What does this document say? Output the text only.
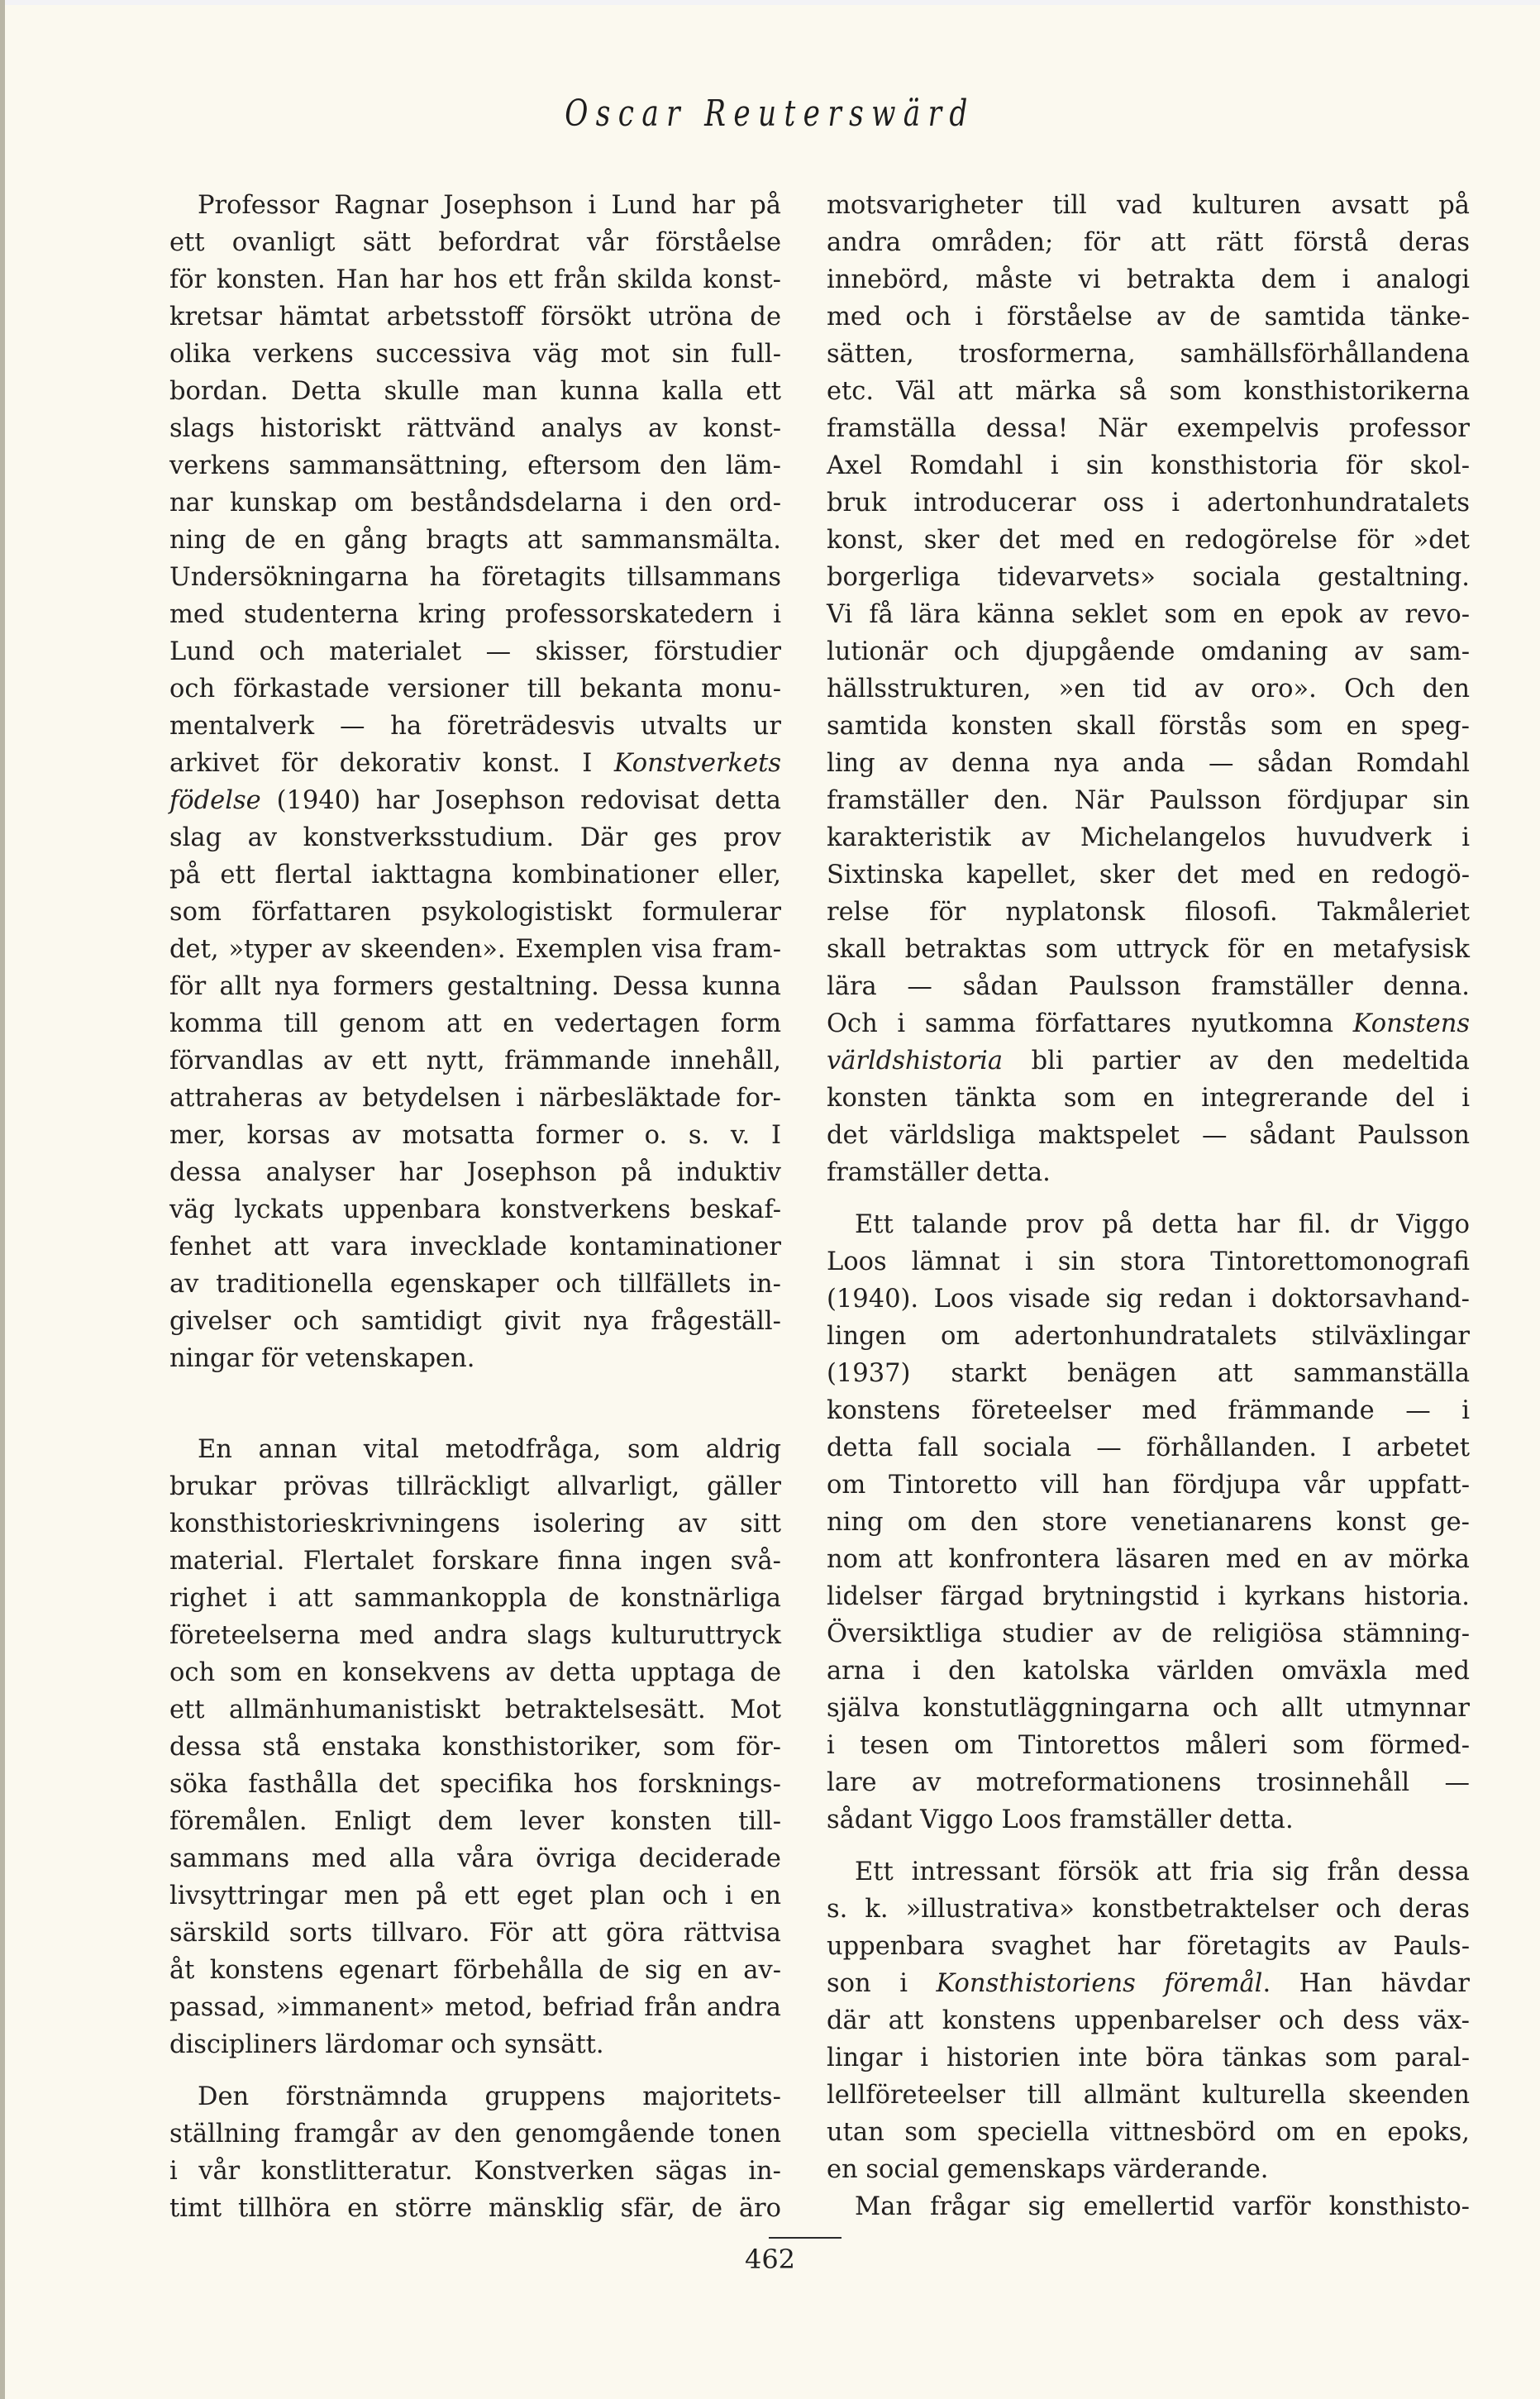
Oscar Reuterswärd
Professor Ragnar Josephson i Lund har på
ett ovanligt sätt befordrat vår förståelse
för konsten. Han har hos ett från skilda konst-
kretsar hämtat arbetsstoff försökt utröna de
olika verkens successiva väg mot sin full-
bordan. Detta skulle man kunna kalla ett
slags historiskt rättvänd analys av konst-
verkens sammansättning, eftersom den läm-
nar kunskap om beståndsdelarna i den ord-
ning de en gång bragts att sammansmälta.
Undersökningarna ha företagits tillsammans
med studenterna kring professorskatedern i
Lund och materialet — skisser, förstudier
och förkastade versioner till bekanta monu-
mentalverk — ha företrädesvis utvalts ur
arkivet för dekorativ konst. I Konstverkets
födelse (1940) har Josephson redovisat detta
slag av konstverksstudium. Där ges prov
på ett flertal iakttagna kombinationer eller,
som författaren psykologistiskt formulerar
det, »typer av skeenden». Exemplen visa fram-
för allt nya formers gestaltning. Dessa kunna
komma till genom att en vedertagen form
förvandlas av ett nytt, främmande innehåll,
attraheras av betydelsen i närbesläktade for-
mer, korsas av motsatta former o. s. v. I
dessa analyser har Josephson på induktiv
väg lyckats uppenbara konstverkens beskaf-
fenhet att vara invecklade kontaminationer
av traditionella egenskaper och tillfällets in-
givelser och samtidigt givit nya frågeställ-
ningar för vetenskapen.
En annan vital metodfråga, som aldrig
brukar prövas tillräckligt allvarligt, gäller
konsthistorieskrivningens isolering av sitt
material. Flertalet forskare finna ingen svå-
righet i att sammankoppla de konstnärliga
företeelserna med andra slags kulturuttryck
och som en konsekvens av detta upptaga de
ett allmänhumanistiskt betraktelsesätt. Mot
dessa stå enstaka konsthistoriker, som för-
söka fasthålla det specifika hos forsknings-
föremålen. Enligt dem lever konsten till-
sammans med alla våra övriga deciderade
livsyttringar men på ett eget plan och i en
särskild sorts tillvaro. För att göra rättvisa
åt konstens egenart förbehålla de sig en av-
passad, »immanent» metod, befriad från andra
discipliners lärdomar och synsätt.
Den förstnämnda gruppens majoritets-
ställning framgår av den genomgående tonen
i vår konstlitteratur. Konstverken sägas in-
timt tillhöra en större mänsklig sfär, de äro
motsvarigheter till vad kulturen avsatt på
andra områden; för att rätt förstå deras
innebörd, måste vi betrakta dem i analogi
med och i förståelse av de samtida tänke-
sätten, trosformerna, samhällsförhållandena
etc. Väl att märka så som konsthistorikerna
framställa dessa! När exempelvis professor
Axel Romdahl i sin konsthistoria för skol-
bruk introducerar oss i adertonhundratalets
konst, sker det med en redogörelse för »det
borgerliga tidevarvets» sociala gestaltning.
Vi få lära känna seklet som en epok av revo-
lutionär och djupgående omdaning av sam-
hällsstrukturen, »en tid av oro». Och den
samtida konsten skall förstås som en speg-
ling av denna nya anda — sådan Romdahl
framställer den. När Paulsson fördjupar sin
karakteristik av Michelangelos huvudverk i
Sixtinska kapellet, sker det med en redogö-
relse för nyplatonsk filosofi. Takmåleriet
skall betraktas som uttryck för en metafysisk
lära — sådan Paulsson framställer denna.
Och i samma författares nyutkomna Konstens
världshistoria bli partier av den medeltida
konsten tänkta som en integrerande del i
det världsliga maktspelet — sådant Paulsson
framställer detta.
Ett talande prov på detta har fil. dr Viggo
Loos lämnat i sin stora Tintorettomonografi
(1940). Loos visade sig redan i doktorsavhand-
lingen om adertonhundratalets stilväxlingar
(1937) starkt benägen att sammanställa
konstens företeelser med främmande — i
detta fall sociala — förhållanden. I arbetet
om Tintoretto vill han fördjupa vår uppfatt-
ning om den store venetianarens konst ge-
nom att konfrontera läsaren med en av mörka
lidelser färgad brytningstid i kyrkans historia.
Översiktliga studier av de religiösa stämning-
arna i den katolska världen omväxla med
själva konstutläggningarna och allt utmynnar
i tesen om Tintorettos måleri som förmed-
lare av motreformationens trosinnehåll —
sådant Viggo Loos framställer detta.
Ett intressant försök att fria sig från dessa
s. k. »illustrativa» konstbetraktelser och deras
uppenbara svaghet har företagits av Pauls-
son i Konsthistoriens föremål. Han hävdar
där att konstens uppenbarelser och dess väx-
lingar i historien inte böra tänkas som paral-
lellföreteelser till allmänt kulturella skeenden
utan som speciella vittnesbörd om en epoks,
en social gemenskaps värderande.
Man frågar sig emellertid varför konsthisto-
462
